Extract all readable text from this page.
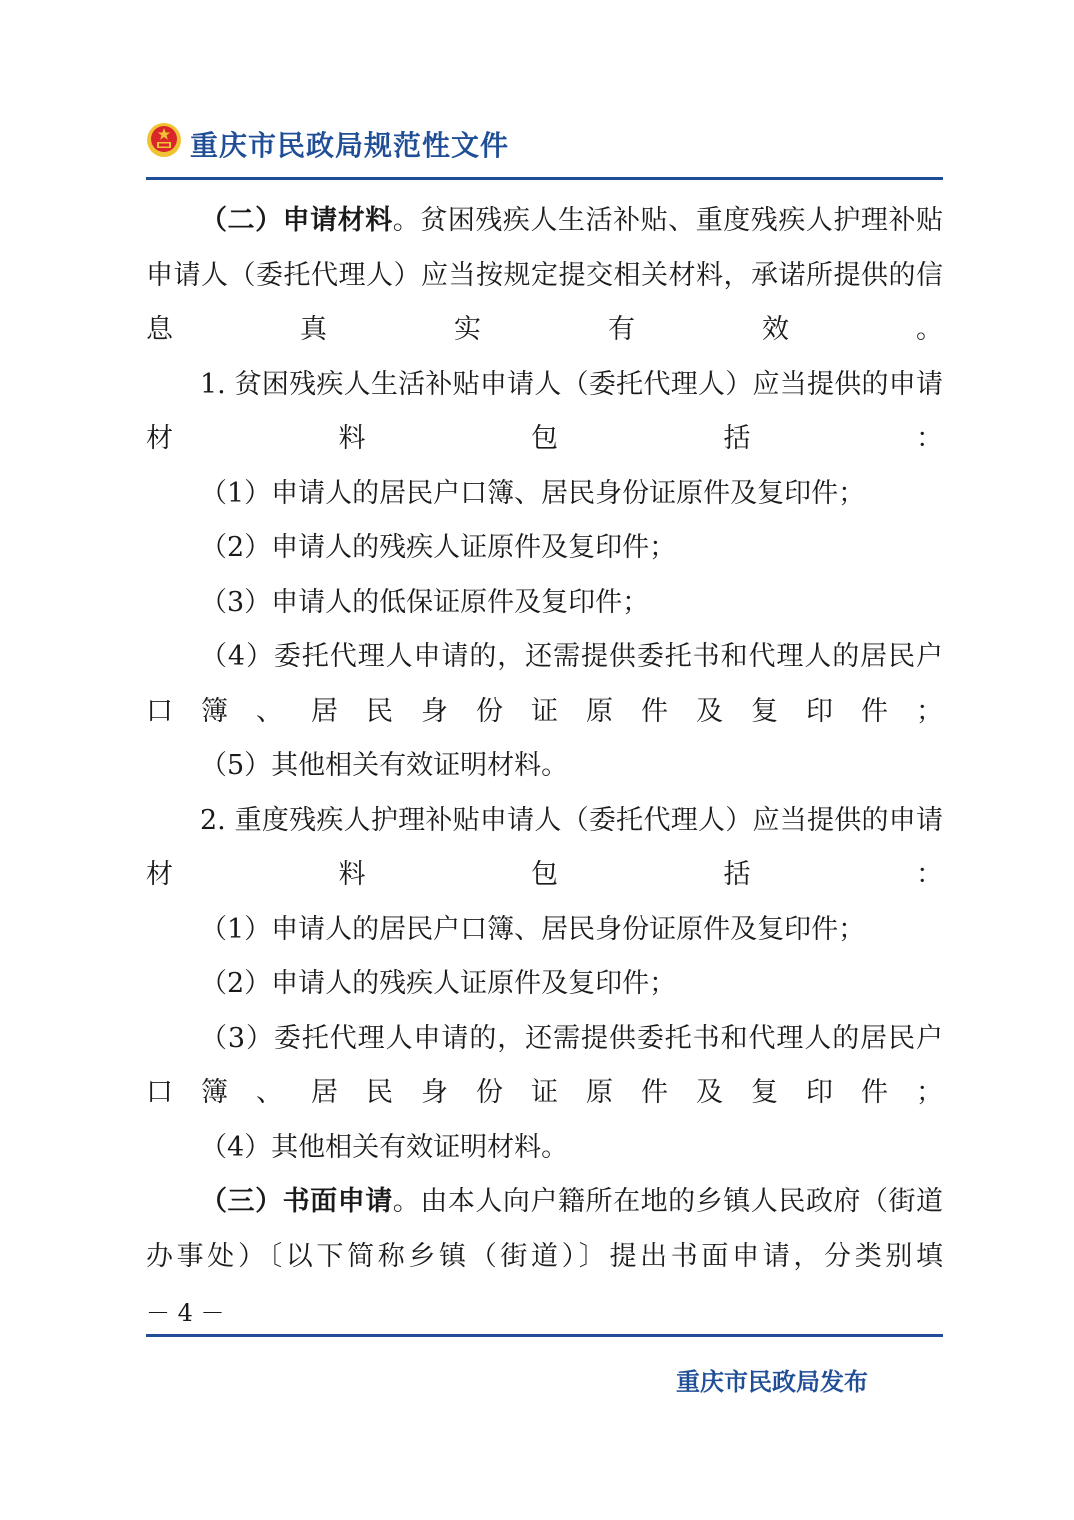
重庆市民政局规范性文件

（二）申请材料。贫困残疾人生活补贴、重度残疾人护理补贴申请人（委托代理人）应当按规定提交相关材料，承诺所提供的信息真实有效。

1. 贫困残疾人生活补贴申请人（委托代理人）应当提供的申请材料包括：

（1）申请人的居民户口簿、居民身份证原件及复印件；

（2）申请人的残疾人证原件及复印件；

（3）申请人的低保证原件及复印件；

（4）委托代理人申请的，还需提供委托书和代理人的居民户口簿、居民身份证原件及复印件；

（5）其他相关有效证明材料。

2. 重度残疾人护理补贴申请人（委托代理人）应当提供的申请材料包括：

（1）申请人的居民户口簿、居民身份证原件及复印件；

（2）申请人的残疾人证原件及复印件；

（3）委托代理人申请的，还需提供委托书和代理人的居民户口簿、居民身份证原件及复印件；

（4）其他相关有效证明材料。

（三）书面申请。由本人向户籍所在地的乡镇人民政府（街道办事处）〔以下简称乡镇（街道）〕提出书面申请，分类别填

－ 4 －
重庆市民政局发布
